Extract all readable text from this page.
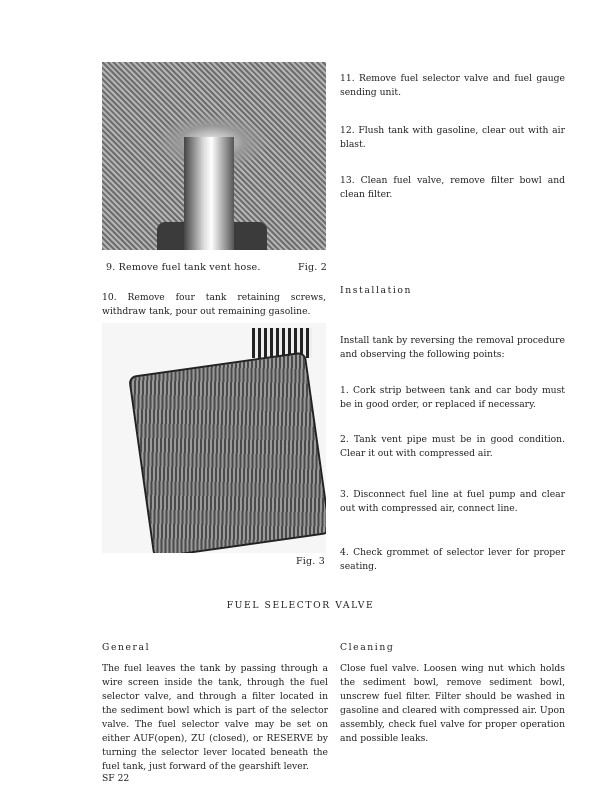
9. Remove fuel tank vent hose.	Fig. 2
10. Remove four tank retaining screws, withdraw tank, pour out remaining gasoline.
Fig. 3
11. Remove fuel selector valve and fuel gauge sending unit.
12. Flush tank with gasoline, clear out with air blast.
13. Clean fuel valve, remove filter bowl and clean filter.
Installation
Install tank by reversing the removal procedure and observing the following points:
1. Cork strip between tank and car body must be in good order, or replaced if necessary.
2. Tank vent pipe must be in good condition. Clear it out with compressed air.
3. Disconnect fuel line at fuel pump and clear out with compressed air, connect line.
4. Check grommet of selector lever for proper seating.
FUEL SELECTOR VALVE
General
The fuel leaves the tank by passing through a wire screen inside the tank, through the fuel selector valve, and through a filter located in the sediment bowl which is part of the selector valve. The fuel selector valve may be set on either AUF(open), ZU (closed), or RESERVE by turning the selector lever located beneath the fuel tank, just forward of the gearshift lever.
Cleaning
Close fuel valve. Loosen wing nut which holds the sediment bowl, remove sediment bowl, unscrew fuel filter. Filter should be washed in gasoline and cleared with compressed air. Upon assembly, check fuel valve for proper operation and possible leaks.
SF 22
